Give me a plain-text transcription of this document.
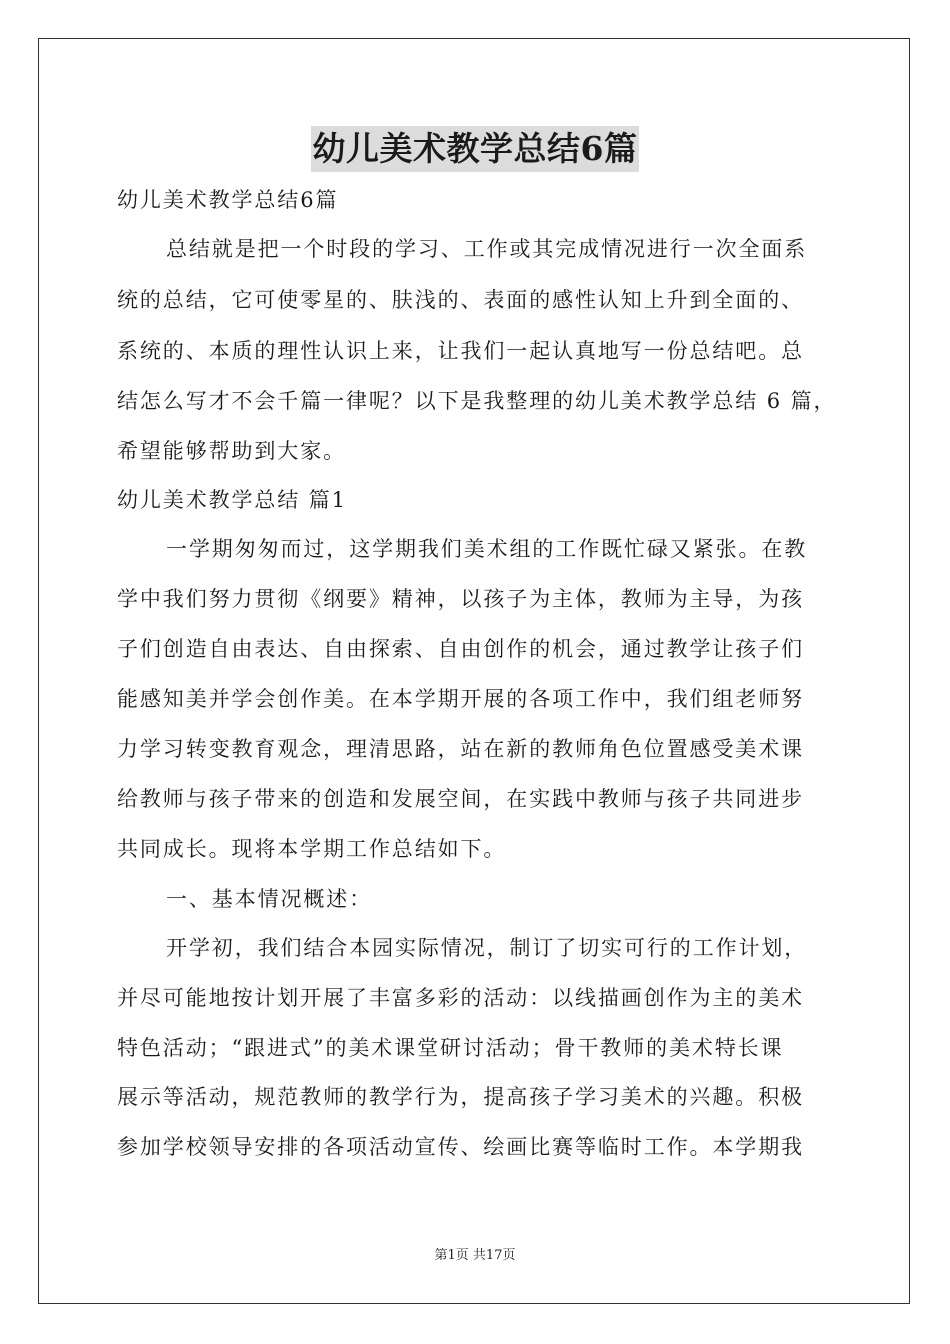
幼儿美术教学总结6篇
幼儿美术教学总结6篇
总结就是把一个时段的学习、工作或其完成情况进行一次全面系
统的总结，它可使零星的、肤浅的、表面的感性认知上升到全面的、
系统的、本质的理性认识上来，让我们一起认真地写一份总结吧。总
结怎么写才不会千篇一律呢？以下是我整理的幼儿美术教学总结 6 篇，
希望能够帮助到大家。
幼儿美术教学总结 篇1
一学期匆匆而过，这学期我们美术组的工作既忙碌又紧张。在教
学中我们努力贯彻《纲要》精神，以孩子为主体，教师为主导，为孩
子们创造自由表达、自由探索、自由创作的机会，通过教学让孩子们
能感知美并学会创作美。在本学期开展的各项工作中，我们组老师努
力学习转变教育观念，理清思路，站在新的教师角色位置感受美术课
给教师与孩子带来的创造和发展空间，在实践中教师与孩子共同进步
共同成长。现将本学期工作总结如下。
一、基本情况概述：
开学初，我们结合本园实际情况，制订了切实可行的工作计划，
并尽可能地按计划开展了丰富多彩的活动：以线描画创作为主的美术
特色活动；“跟进式”的美术课堂研讨活动；骨干教师的美术特长课
展示等活动，规范教师的教学行为，提高孩子学习美术的兴趣。积极
参加学校领导安排的各项活动宣传、绘画比赛等临时工作。本学期我
第1页 共17页
